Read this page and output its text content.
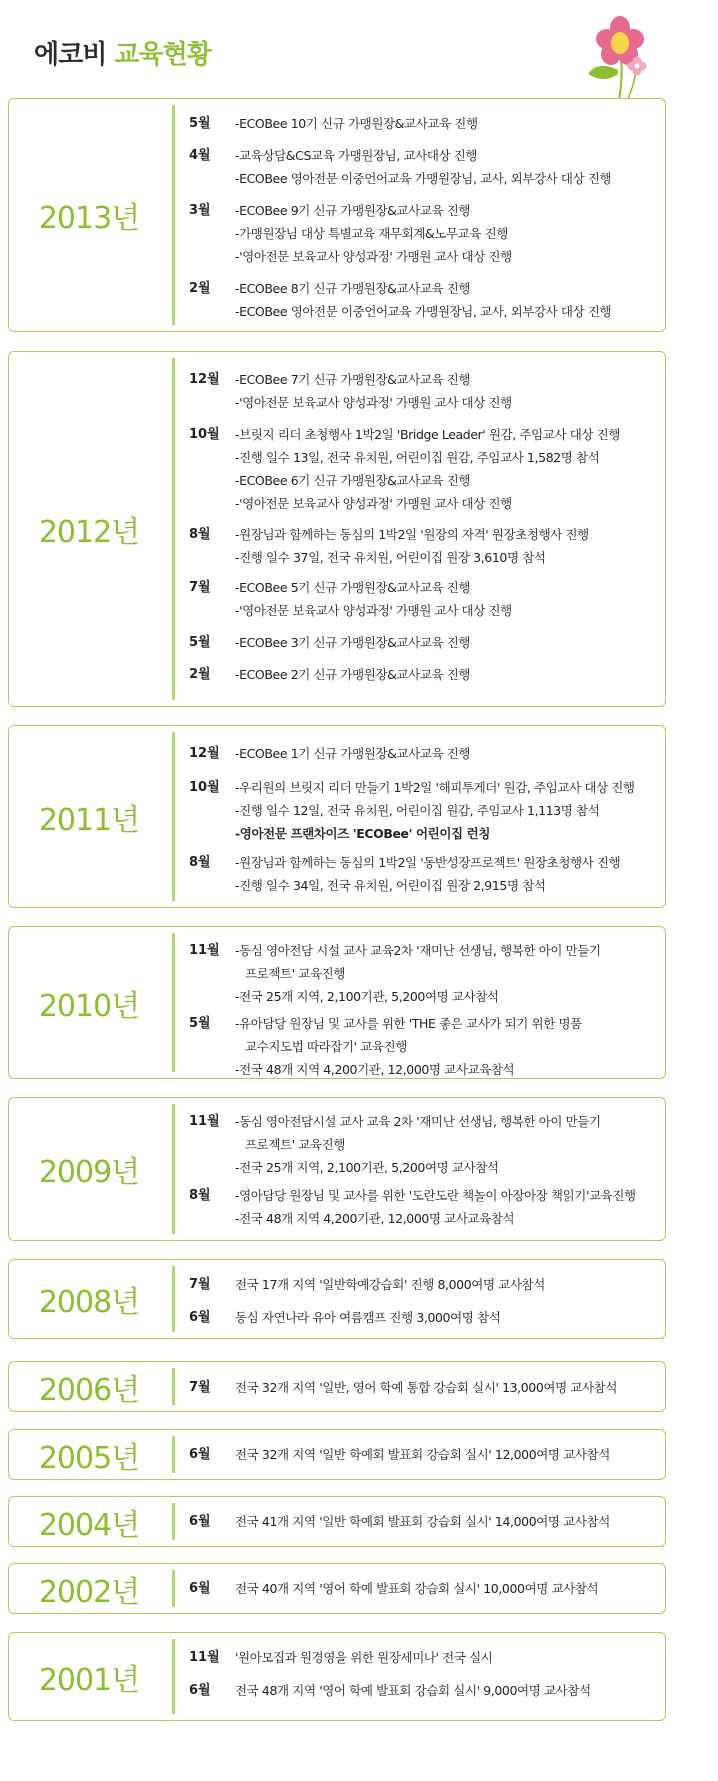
에코비 교육현황
2013년
5월	-ECOBee 10기 신규 가맹원장&교사교육 진행
4월	-교육상담&CS교육 가맹원장님, 교사대상 진행
-ECOBee 영아전문 이중언어교육 가맹원장님, 교사, 외부강사 대상 진행
3월	-ECOBee 9기 신규 가맹원장&교사교육 진행
-가맹원장님 대상 특별교육 재무회계&노무교육 진행
-'영아전문 보육교사 양성과정' 가맹원 교사 대상 진행
2월	-ECOBee 8기 신규 가맹원장&교사교육 진행
-ECOBee 영아전문 이중언어교육 가맹원장님, 교사, 외부강사 대상 진행
2012년
12월	-ECOBee 7기 신규 가맹원장&교사교육 진행
-'영아전문 보육교사 양성과정' 가맹원 교사 대상 진행
10월	-브릿지 리더 초청행사 1박2일 'Bridge Leader' 원감, 주임교사 대상 진행
-진행 일수 13일, 전국 유치원, 어린이집 원감, 주임교사 1,582명 참석
-ECOBee 6기 신규 가맹원장&교사교육 진행
-'영아전문 보육교사 양성과정' 가맹원 교사 대상 진행
8월	-원장님과 함께하는 동심의 1박2일 '원장의 자격' 원장초청행사 진행
-진행 일수 37일, 전국 유치원, 어린이집 원장 3,610명 참석
7월	-ECOBee 5기 신규 가맹원장&교사교육 진행
-'영아전문 보육교사 양성과정' 가맹원 교사 대상 진행
5월	-ECOBee 3기 신규 가맹원장&교사교육 진행
2월	-ECOBee 2기 신규 가맹원장&교사교육 진행
2011년
12월	-ECOBee 1기 신규 가맹원장&교사교육 진행
10월	-우리원의 브릿지 리더 만들기 1박2일 '해피투게더' 원감, 주임교사 대상 진행
-진행 일수 12일, 전국 유치원, 어린이집 원감, 주임교사 1,113명 참석
-영아전문 프랜차이즈 'ECOBee' 어린이집 런칭
8월	-원장님과 함께하는 동심의 1박2일 '동반성장프로젝트' 원장초청행사 진행
-진행 일수 34일, 전국 유치원, 어린이집 원장 2,915명 참석
2010년
11월	-동심 영아전담 시설 교사 교육2차 '재미난 선생님, 행복한 아이 만들기
프로젝트' 교육진행
-전국 25개 지역, 2,100기관, 5,200여명 교사참석
5월	-유아담당 원장님 및 교사를 위한 'THE 좋은 교사가 되기 위한 명품
교수지도법 따라잡기' 교육진행
-전국 48개 지역 4,200기관, 12,000명 교사교육참석
2009년
11월	-동심 영아전담시설 교사 교육 2차 '재미난 선생님, 행복한 아이 만들기
프로젝트' 교육진행
-전국 25개 지역, 2,100기관, 5,200여명 교사참석
8월	-영아담당 원장님 및 교사를 위한 '도란도란 책놀이 아장아장 책읽기'교육진행
-전국 48개 지역 4,200기관, 12,000명 교사교육참석
2008년
7월	전국 17개 지역 '일반학예강습회' 진행 8,000여명 교사참석
6월	동심 자연나라 유아 여름캠프 진행 3,000여명 참석
2006년	7월	전국 32개 지역 '일반, 영어 학예 통합 강습회 실시' 13,000여명 교사참석
2005년	6월	전국 32개 지역 '일반 학예회 발표회 강습회 실시' 12,000여명 교사참석
2004년	6월	전국 41개 지역 '일반 학예회 발표회 강습회 실시' 14,000여명 교사참석
2002년	6월	전국 40개 지역 '영어 학예 발표회 강습회 실시' 10,000여명 교사참석
2001년
11월	'원아모집과 원경영을 위한 원장세미나' 전국 실시
6월	전국 48개 지역 '영어 학예 발표회 강습회 실시' 9,000여명 교사참석
